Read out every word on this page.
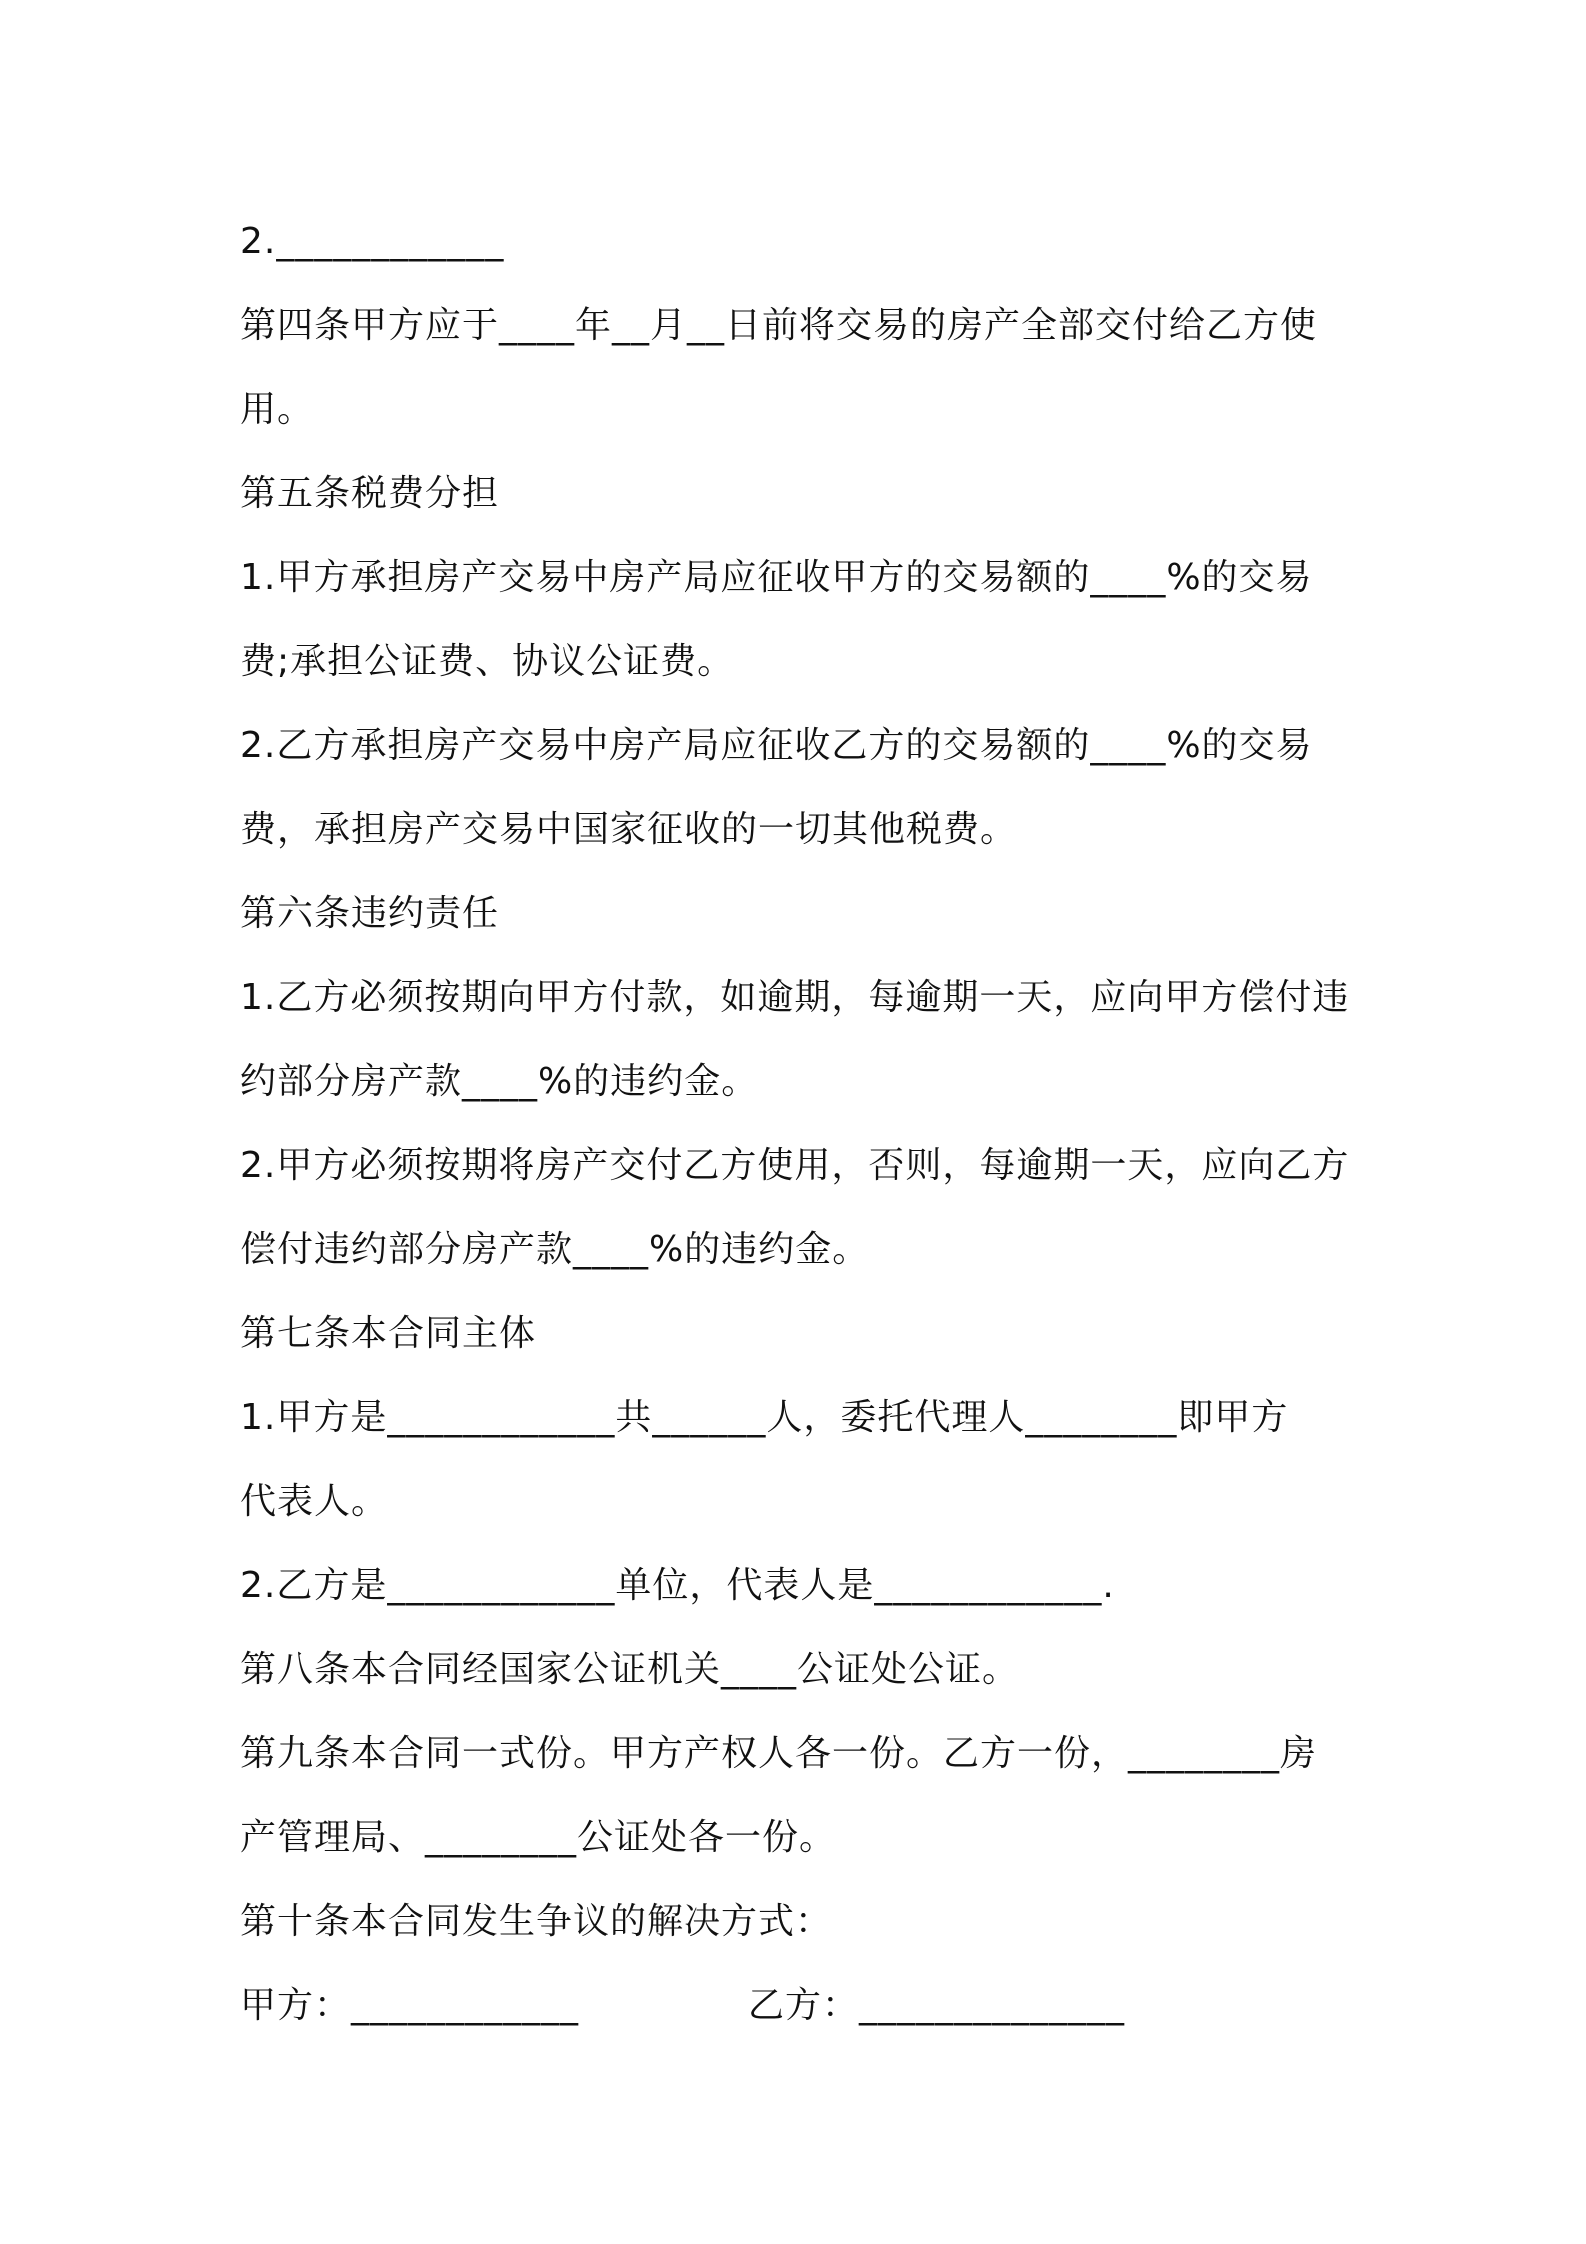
2.____________
第四条甲方应于____年__月__日前将交易的房产全部交付给乙方使
用。
第五条税费分担
1.甲方承担房产交易中房产局应征收甲方的交易额的____%的交易
费;承担公证费、协议公证费。
2.乙方承担房产交易中房产局应征收乙方的交易额的____%的交易
费，承担房产交易中国家征收的一切其他税费。
第六条违约责任
1.乙方必须按期向甲方付款，如逾期，每逾期一天，应向甲方偿付违
约部分房产款____%的违约金。
2.甲方必须按期将房产交付乙方使用，否则，每逾期一天，应向乙方
偿付违约部分房产款____%的违约金。
第七条本合同主体
1.甲方是____________共______人，委托代理人________即甲方
代表人。
2.乙方是____________单位，代表人是____________.
第八条本合同经国家公证机关____公证处公证。
第九条本合同一式份。甲方产权人各一份。乙方一份，________房
产管理局、________公证处各一份。
第十条本合同发生争议的解决方式：
甲方：____________	乙方：______________
